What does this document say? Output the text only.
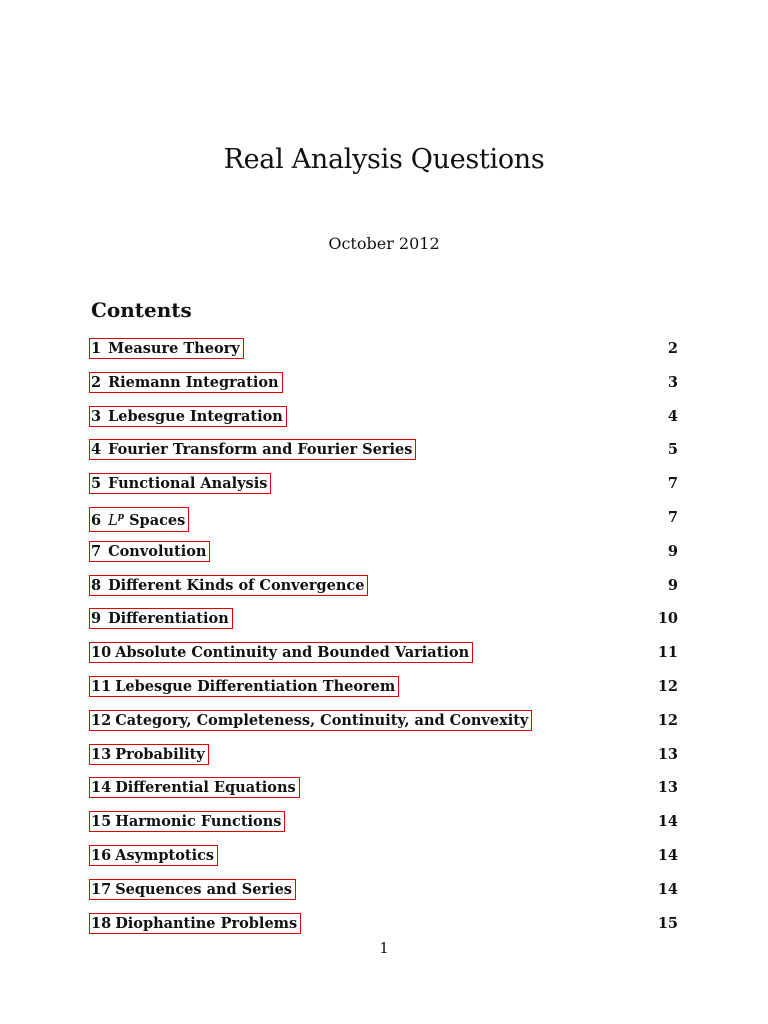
Real Analysis Questions
October 2012
Contents
1 Measure Theory	2
2 Riemann Integration	3
3 Lebesgue Integration	4
4 Fourier Transform and Fourier Series	5
5 Functional Analysis	7
6 $L^p$ Spaces	7
7 Convolution	9
8 Different Kinds of Convergence	9
9 Differentiation	10
10 Absolute Continuity and Bounded Variation	11
11 Lebesgue Differentiation Theorem	12
12 Category, Completeness, Continuity, and Convexity	12
13 Probability	13
14 Differential Equations	13
15 Harmonic Functions	14
16 Asymptotics	14
17 Sequences and Series	14
18 Diophantine Problems	15
1
